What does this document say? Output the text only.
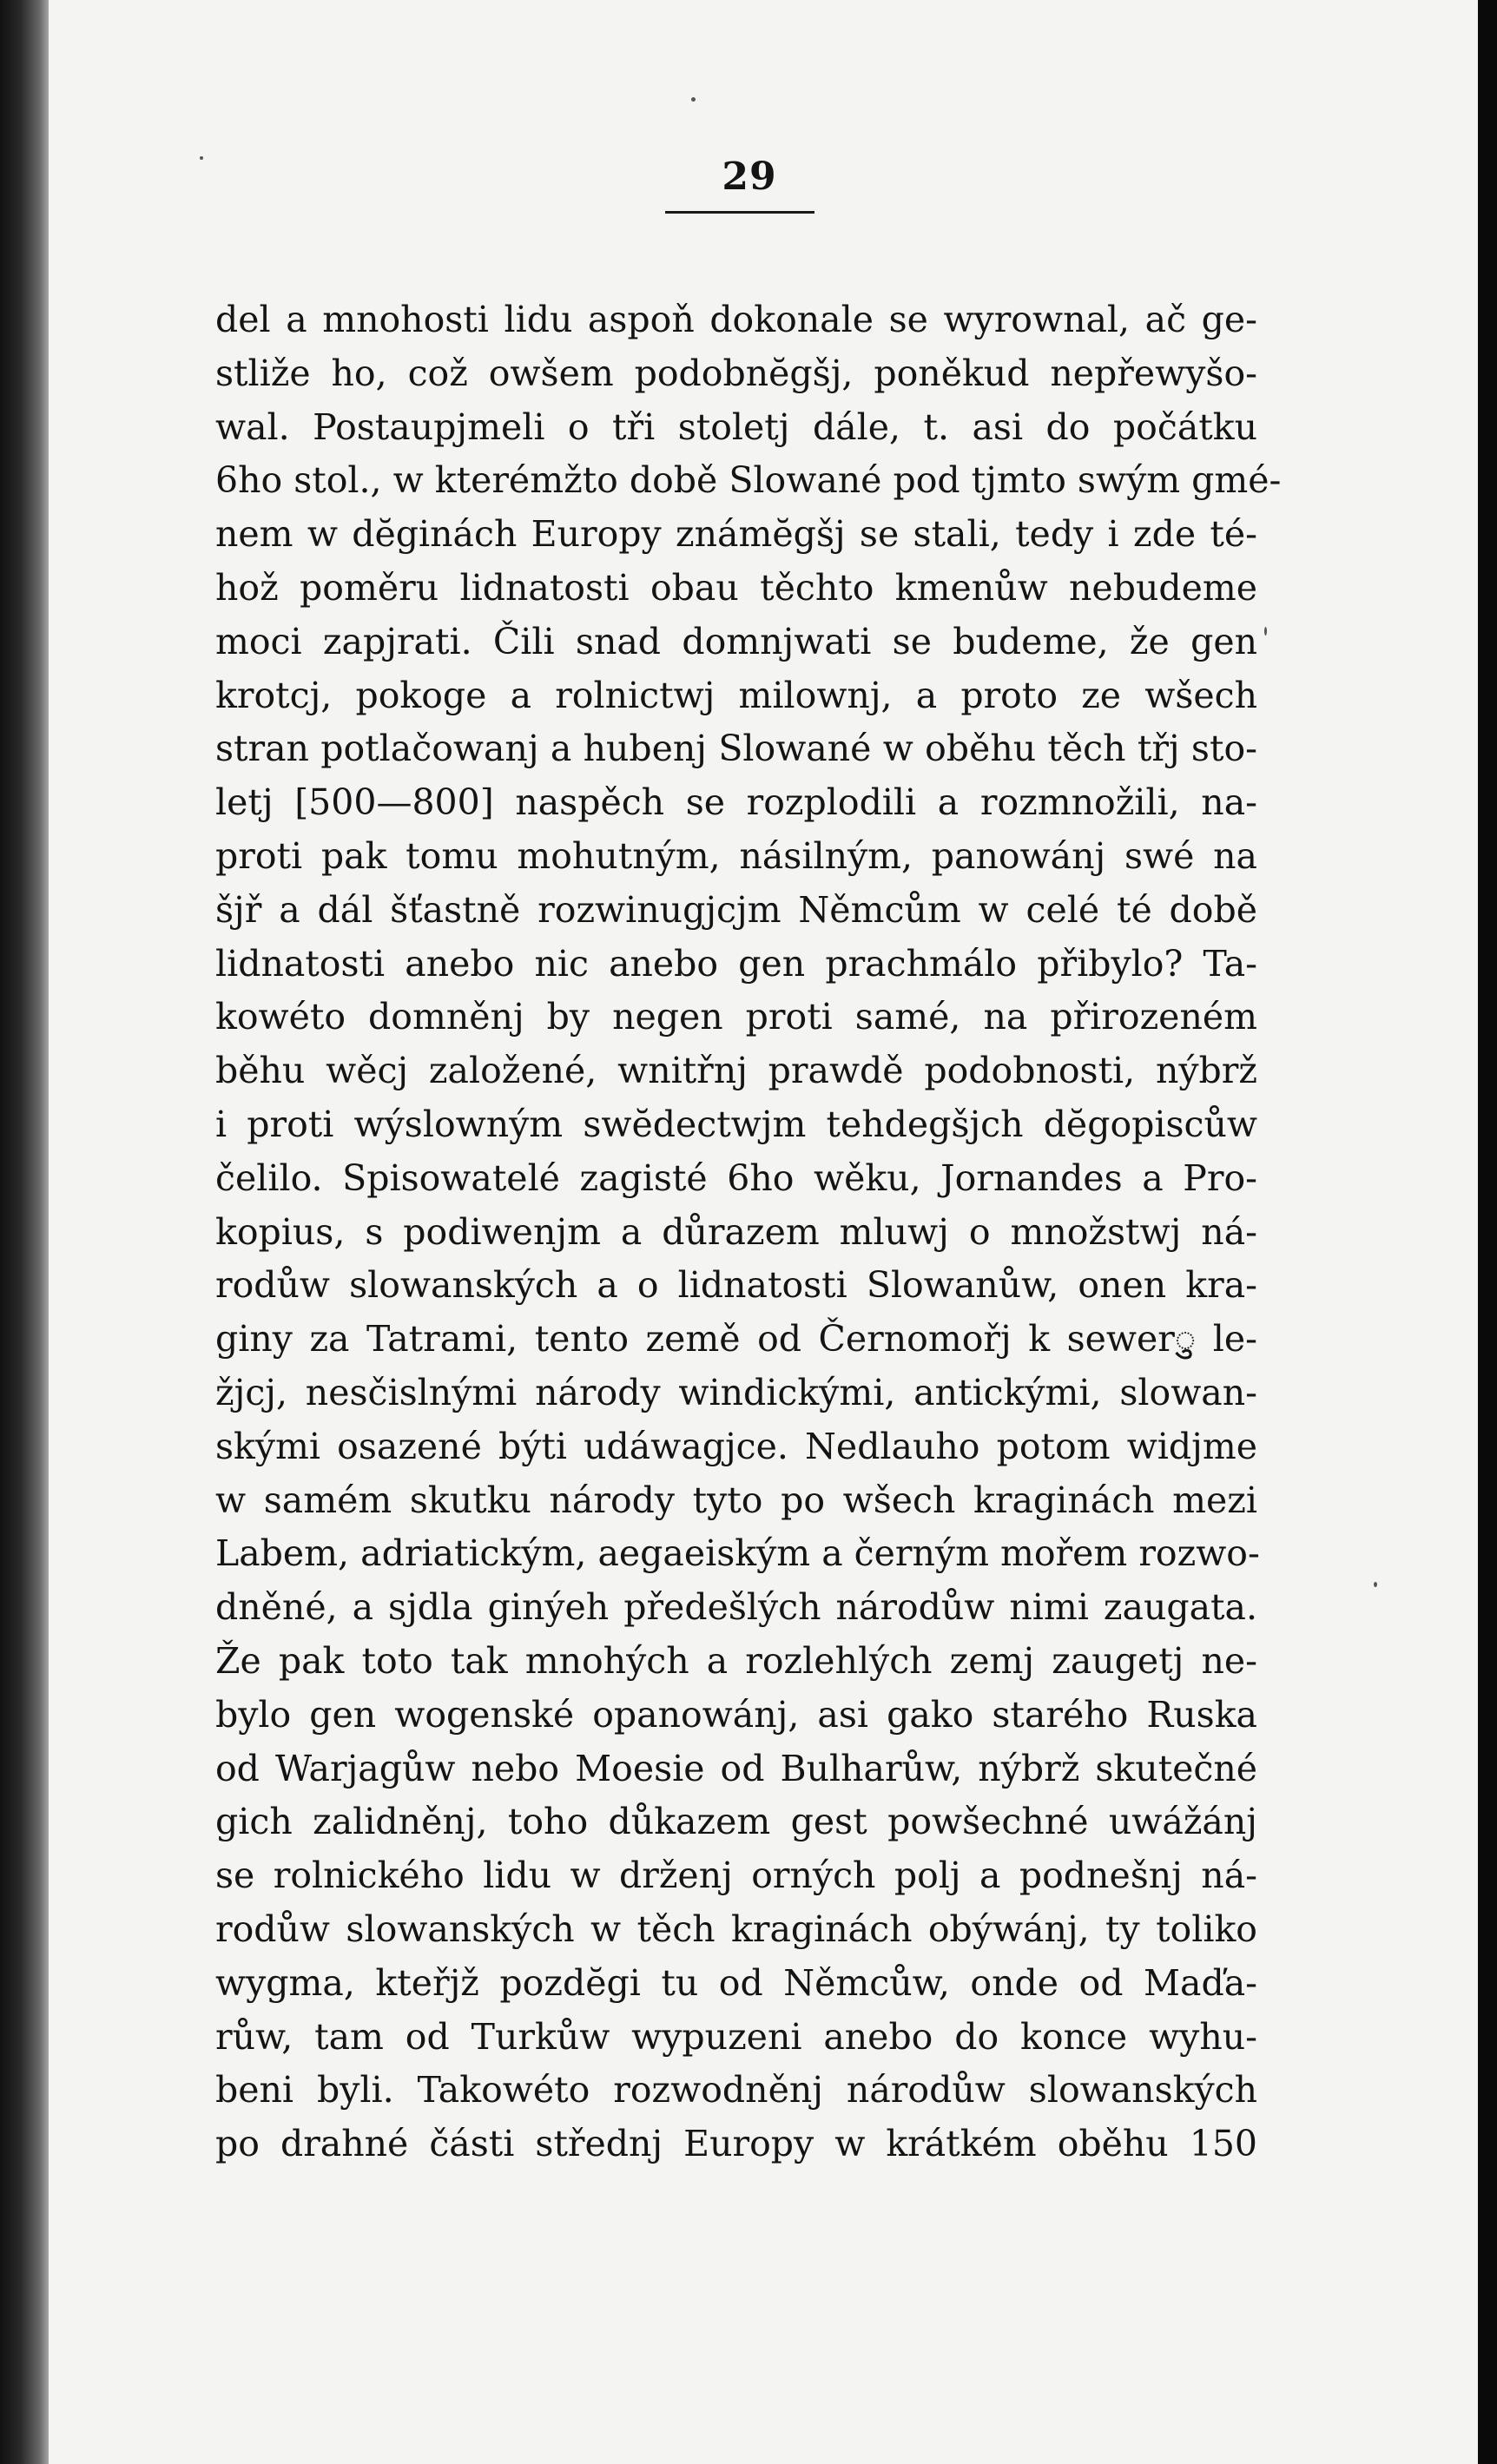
29
del a mnohosti lidu aspoň dokonale se wyrownal, ač ge-
stliže ho, což owšem podobnĕgšj, poněkud nepřewyšo-
wal. Postaupjmeli o tři stoletj dále, t. asi do počátku
6ho stol., w kterémžto době Slowané pod tjmto swým gmé-
nem w dĕginách Europy známĕgšj se stali, tedy i zde té-
hož poměru lidnatosti obau těchto kmenůw nebudeme
moci zapjrati. Čili snad domnjwati se budeme, že gen
krotcj, pokoge a rolnictwj milownj, a proto ze wšech
stran potlačowanj a hubenj Slowané w oběhu těch třj sto-
letj [500—800] naspěch se rozplodili a rozmnožili, na-
proti pak tomu mohutným, násilným, panowánj swé na
šjř a dál šťastně rozwinugjcjm Němcům w celé té době
lidnatosti anebo nic anebo gen prachmálo přibylo? Ta-
kowéto domněnj by negen proti samé, na přirozeném
běhu wěcj založené, wnitřnj prawdě podobnosti, nýbrž
i proti wýslowným swĕdectwjm tehdegšjch dĕgopiscůw
čelilo. Spisowatelé zagisté 6ho wěku, Jornandes a Pro-
kopius, s podiwenjm a důrazem mluwj o množstwj ná-
rodůw slowanských a o lidnatosti Slowanůw, onen kra-
giny za Tatrami, tento země od Černomořj k sewerु le-
žjcj, nesčislnými národy windickými, antickými, slowan-
skými osazené býti udáwagjce. Nedlauho potom widjme
w samém skutku národy tyto po wšech kraginách mezi
Labem, adriatickým, aegaeiským a černým mořem rozwo-
dněné, a sjdla ginýeh předešlých národůw nimi zaugata.
Že pak toto tak mnohých a rozlehlých zemj zaugetj ne-
bylo gen wogenské opanowánj, asi gako starého Ruska
od Warjagůw nebo Moesie od Bulharůw, nýbrž skutečné
gich zalidněnj, toho důkazem gest powšechné uwážánj
se rolnického lidu w drženj orných polj a podnešnj ná-
rodůw slowanských w těch kraginách obýwánj, ty tolikо
wygma, kteřjž pozdĕgi tu od Němcůw, onde od Maďa-
růw, tam od Turkůw wypuzeni anebo do konce wyhu-
beni byli. Takowéto rozwodněnj národůw slowanských
po drahné části střednj Europy w krátkém oběhu 150
